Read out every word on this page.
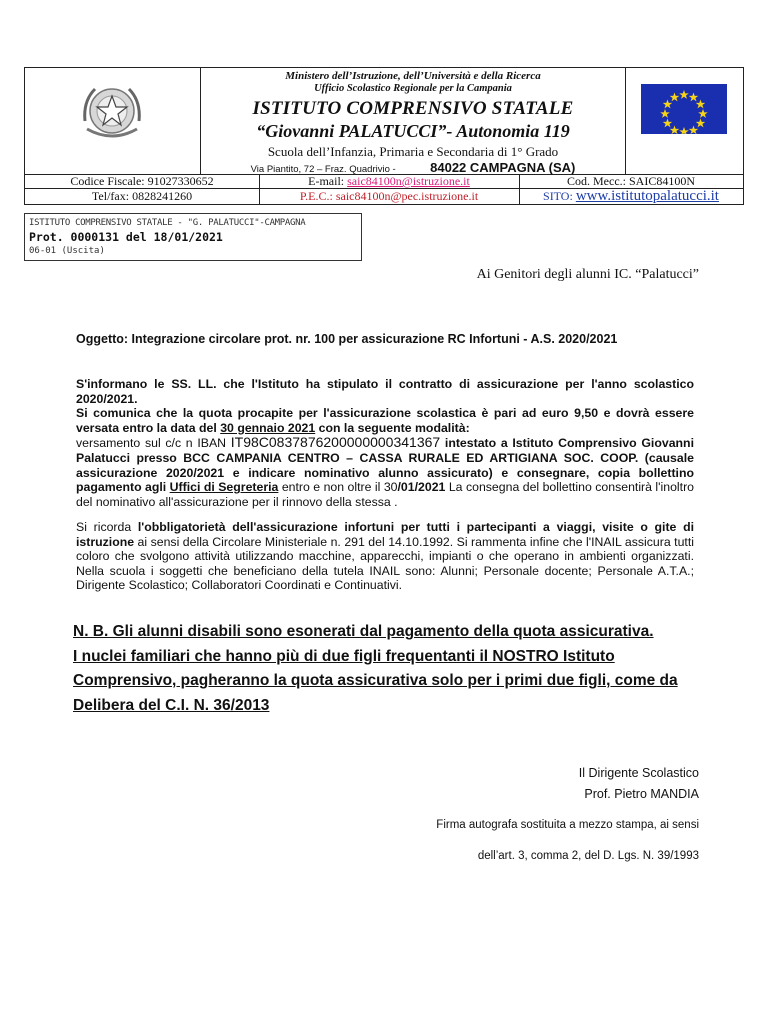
Ministero dell’Istruzione, dell’Università e della Ricerca
Ufficio Scolastico Regionale per la Campania
ISTITUTO COMPRENSIVO STATALE
“Giovanni PALATUCCI”- Autonomia 119
Scuola dell’Infanzia, Primaria e Secondaria di 1° Grado
Via Piantito, 72 – Fraz. Quadrivio -	84022 CAMPAGNA (SA)
Codice Fiscale: 91027330652
Tel/fax: 0828241260
E-mail: saic84100n@istruzione.it
P.E.C.: saic84100n@pec.istruzione.it
Cod. Mecc.: SAIC84100N
SITO: www.istitutopalatucci.it
ISTITUTO COMPRENSIVO STATALE - "G. PALATUCCI"-CAMPAGNA
Prot. 0000131 del 18/01/2021
06-01 (Uscita)
Ai Genitori degli alunni IC. “Palatucci”
Oggetto: Integrazione circolare prot. nr. 100 per assicurazione RC Infortuni - A.S. 2020/2021
S'informano le SS. LL. che l'Istituto ha stipulato il contratto di assicurazione per l'anno scolastico 2020/2021.
Si comunica che la quota procapite per l'assicurazione scolastica è pari ad euro 9,50 e dovrà essere versata entro la data del 30 gennaio 2021 con la seguente modalità:
versamento sul c/c n IBAN IT98C0837876200000000341367 intestato a Istituto Comprensivo Giovanni Palatucci presso BCC CAMPANIA CENTRO – CASSA RURALE ED ARTIGIANA SOC. COOP. (causale assicurazione 2020/2021 e indicare nominativo alunno assicurato) e consegnare, copia bollettino pagamento agli Uffici di Segreteria entro e non oltre il 30/01/2021 La consegna del bollettino consentirà l'inoltro del nominativo all'assicurazione per il rinnovo della stessa .
Si ricorda l'obbligatorietà dell'assicurazione infortuni per tutti i partecipanti a viaggi, visite o gite di istruzione ai sensi della Circolare Ministeriale n. 291 del 14.10.1992. Si rammenta infine che l'INAIL assicura tutti coloro che svolgono attività utilizzando macchine, apparecchi, impianti o che operano in ambienti organizzati. Nella scuola i soggetti che beneficiano della tutela INAIL sono: Alunni; Personale docente; Personale A.T.A.; Dirigente Scolastico; Collaboratori Coordinati e Continuativi.
N. B. Gli alunni disabili sono esonerati dal pagamento della quota assicurativa.
I nuclei familiari che hanno più di due figli frequentanti il NOSTRO Istituto Comprensivo, pagheranno la quota assicurativa solo per i primi due figli, come da Delibera del C.I. N. 36/2013
Il Dirigente Scolastico
Prof. Pietro MANDIA
Firma autografa sostituita a mezzo stampa, ai sensi
dell’art. 3, comma 2, del D. Lgs. N. 39/1993
